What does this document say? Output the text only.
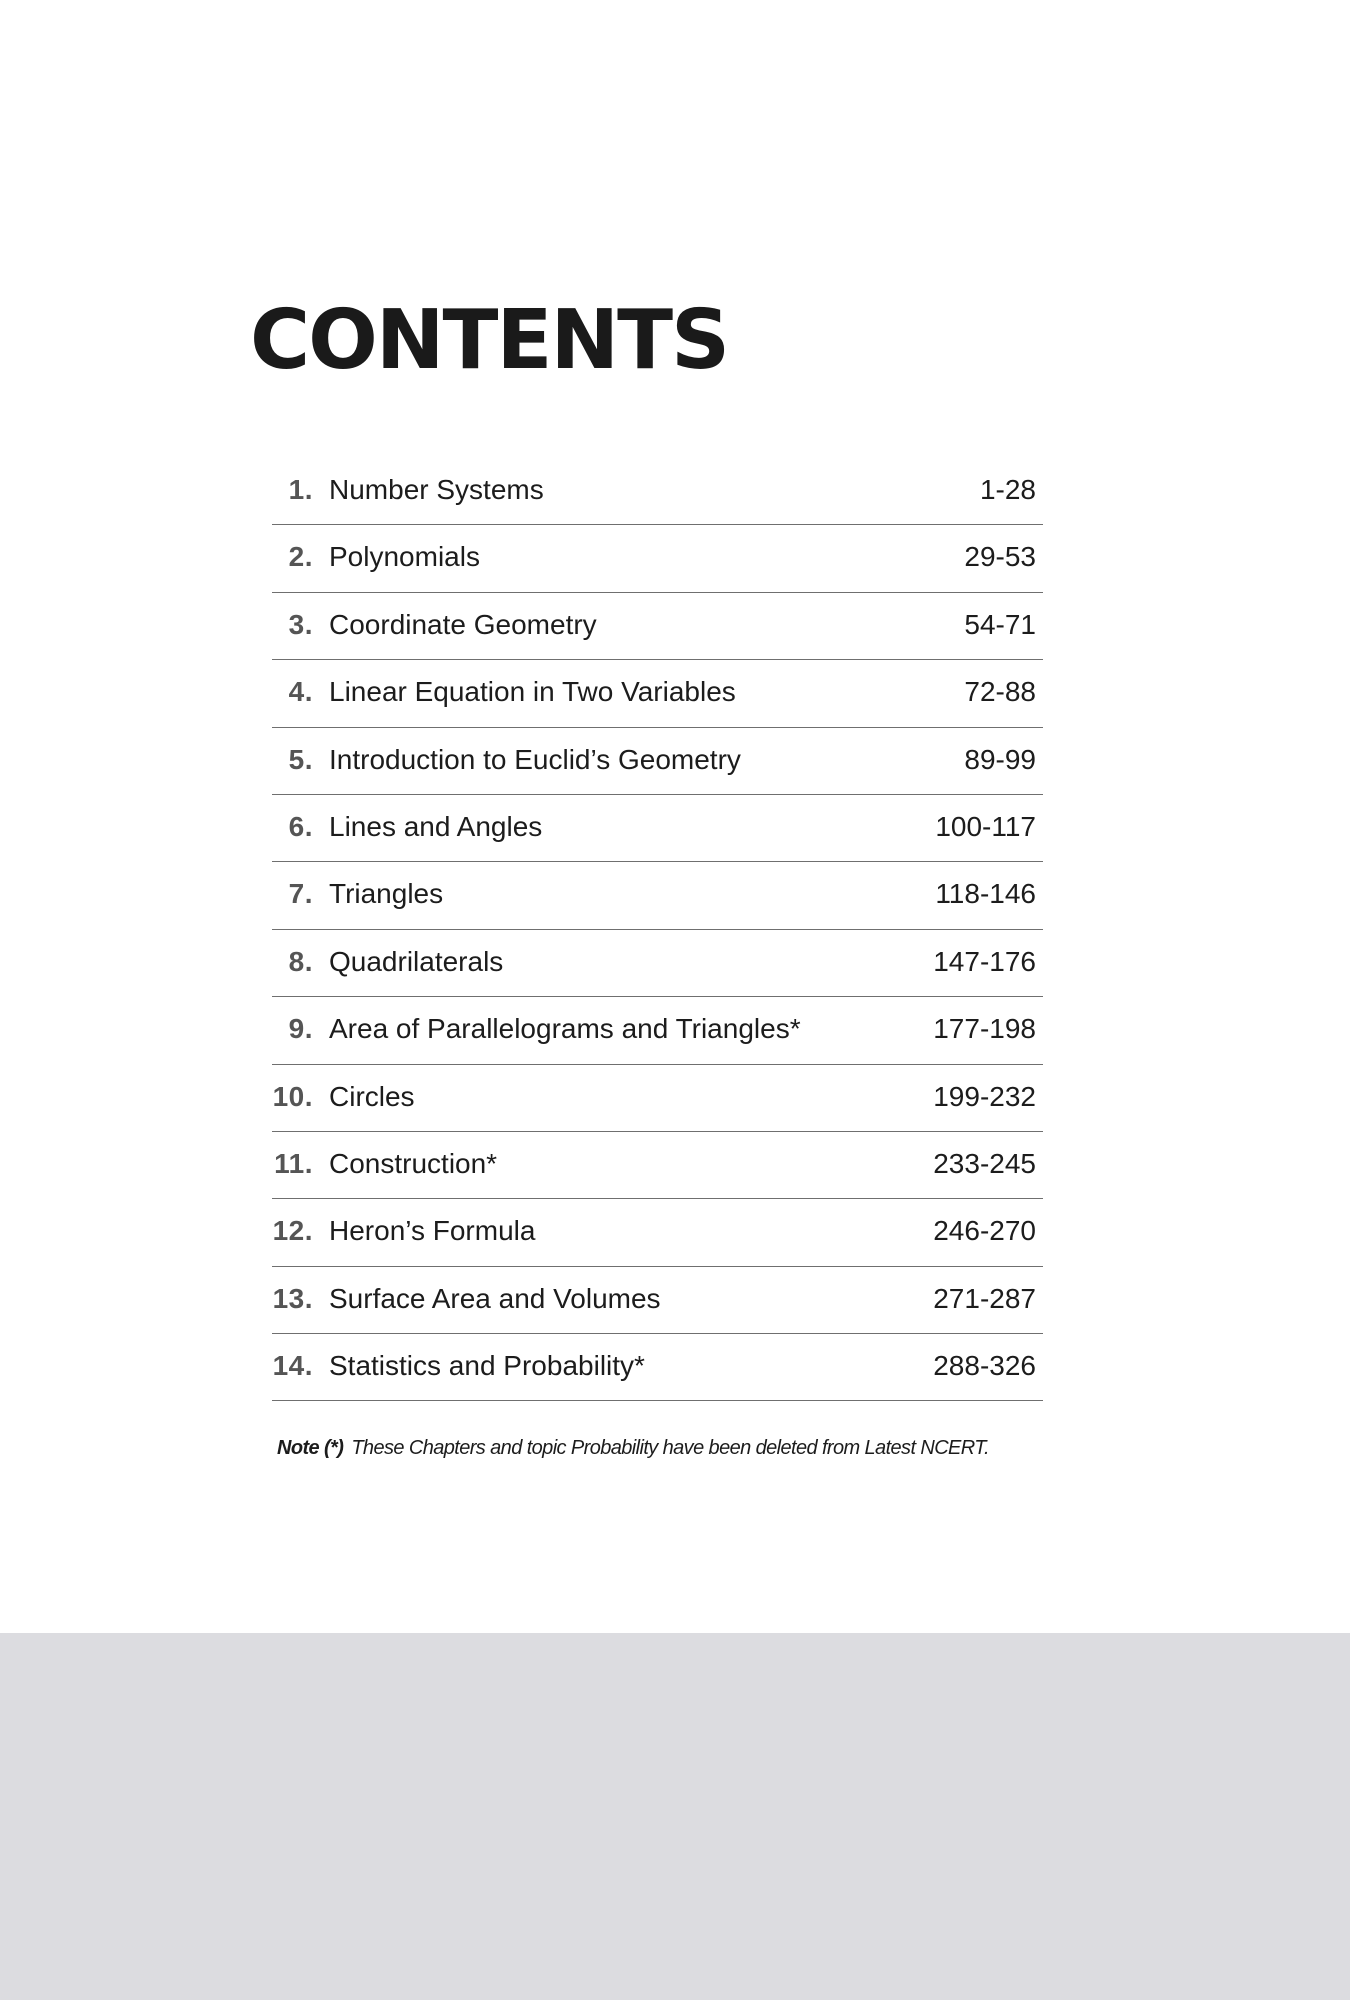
CONTENTS
1. Number Systems	1-28
2. Polynomials	29-53
3. Coordinate Geometry	54-71
4. Linear Equation in Two Variables	72-88
5. Introduction to Euclid’s Geometry	89-99
6. Lines and Angles	100-117
7. Triangles	118-146
8. Quadrilaterals	147-176
9. Area of Parallelograms and Triangles*	177-198
10. Circles	199-232
11. Construction*	233-245
12. Heron’s Formula	246-270
13. Surface Area and Volumes	271-287
14. Statistics and Probability*	288-326
Note (*) These Chapters and topic Probability have been deleted from Latest NCERT.
